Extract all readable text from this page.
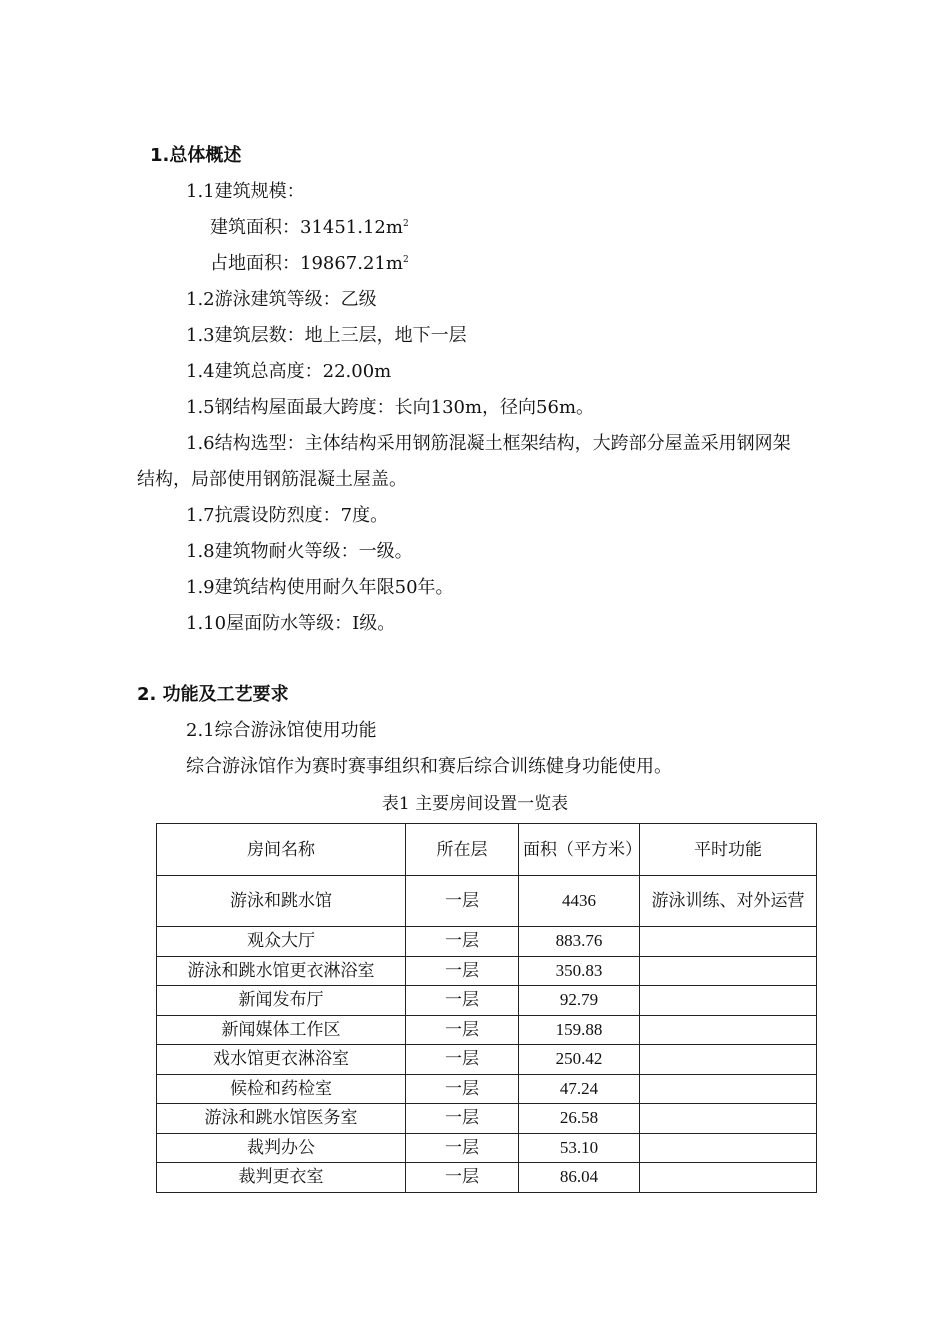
1.总体概述
1.1建筑规模：
建筑面积：$31451.12m^2$
占地面积：$19867.21m^2$
1.2游泳建筑等级：乙级
1.3建筑层数：地上三层，地下一层
1.4建筑总高度：22.00m
1.5钢结构屋面最大跨度：长向130m，径向56m。
1.6结构选型：主体结构采用钢筋混凝土框架结构，大跨部分屋盖采用钢网架
结构，局部使用钢筋混凝土屋盖。
1.7抗震设防烈度：7度。
1.8建筑物耐火等级：一级。
1.9建筑结构使用耐久年限50年。
1.10屋面防水等级：I级。
2. 功能及工艺要求
2.1综合游泳馆使用功能
综合游泳馆作为赛时赛事组织和赛后综合训练健身功能使用。
表1 主要房间设置一览表
房间名称	所在层	面积（平方米）	平时功能
游泳和跳水馆	一层	4436	游泳训练、对外运营
观众大厅	一层	883.76	
游泳和跳水馆更衣淋浴室	一层	350.83	
新闻发布厅	一层	92.79	
新闻媒体工作区	一层	159.88	
戏水馆更衣淋浴室	一层	250.42	
候检和药检室	一层	47.24	
游泳和跳水馆医务室	一层	26.58	
裁判办公	一层	53.10	
裁判更衣室	一层	86.04	
